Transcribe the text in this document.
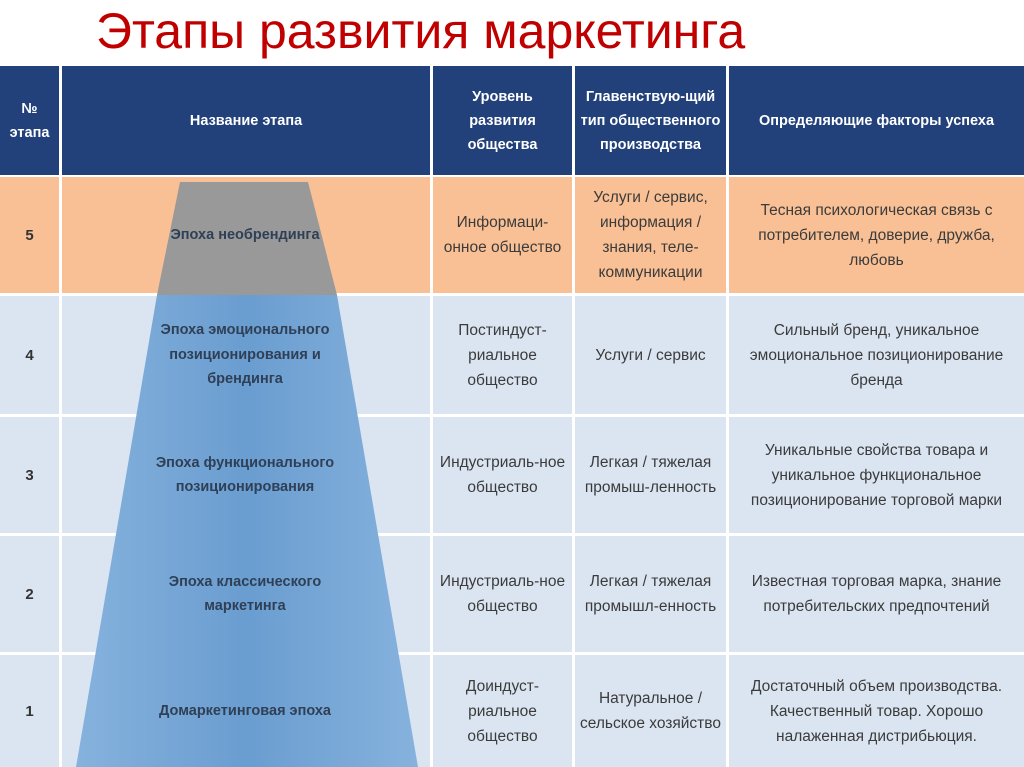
Этапы развития маркетинга
№ этапа
Название этапа
Уровень развития общества
Главенствую-щий тип общественного производства
Определяющие факторы успеха
5	Эпоха необрендинга
Информаци-онное общество
Услуги / сервис, информация / знания, теле-коммуникации
Тесная психологическая связь с потребителем, доверие, дружба, любовь
4
Эпоха эмоционального позиционирования и брендинга
Постиндуст-риальное общество
Услуги / сервис
Сильный бренд, уникальное эмоциональное позиционирование бренда
3
Эпоха функционального позиционирования
Индустриаль-ное общество
Легкая / тяжелая промыш-ленность
Уникальные свойства товара и уникальное функциональное позиционирование торговой марки
2
Эпоха классического маркетинга
Индустриаль-ное общество
Легкая / тяжелая промышл-енность
Известная торговая марка, знание потребительских предпочтений
1	Домаркетинговая эпоха
Доиндуст-риальное общество
Натуральное / сельское хозяйство
Достаточный объем производства. Качественный товар. Хорошо налаженная дистрибьюция.
